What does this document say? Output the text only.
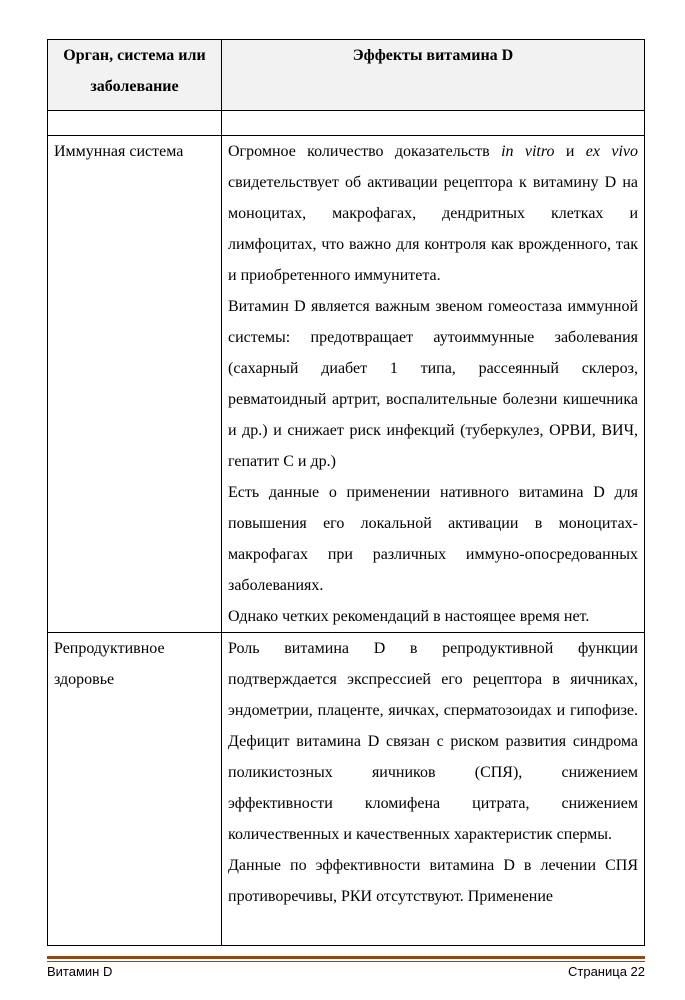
Орган, система или заболевание	Эффекты витамина D

Иммунная система	Огромное количество доказательств in vitro и ex vivo свидетельствует об активации рецептора к витамину D на моноцитах, макрофагах, дендритных клетках и лимфоцитах, что важно для контроля как врожденного, так и приобретенного иммунитета.

Витамин D является важным звеном гомеостаза иммунной системы: предотвращает аутоиммунные заболевания (сахарный диабет 1 типа, рассеянный склероз, ревматоидный артрит, воспалительные болезни кишечника и др.) и снижает риск инфекций (туберкулез, ОРВИ, ВИЧ, гепатит С и др.)

Есть данные о применении нативного витамина D для повышения его локальной активации в моноцитах-макрофагах при различных иммуно-опосредованных заболеваниях.

Однако четких рекомендаций в настоящее время нет.

Репродуктивное здоровье	Роль витамина D в репродуктивной функции подтверждается экспрессией его рецептора в яичниках, эндометрии, плаценте, яичках, сперматозоидах и гипофизе. Дефицит витамина D связан с риском развития синдрома поликистозных яичников (СПЯ), снижением эффективности кломифена цитрата, снижением количественных и качественных характеристик спермы.

Данные по эффективности витамина D в лечении СПЯ противоречивы, РКИ отсутствуют. Применение

Витамин D	Страница 22
